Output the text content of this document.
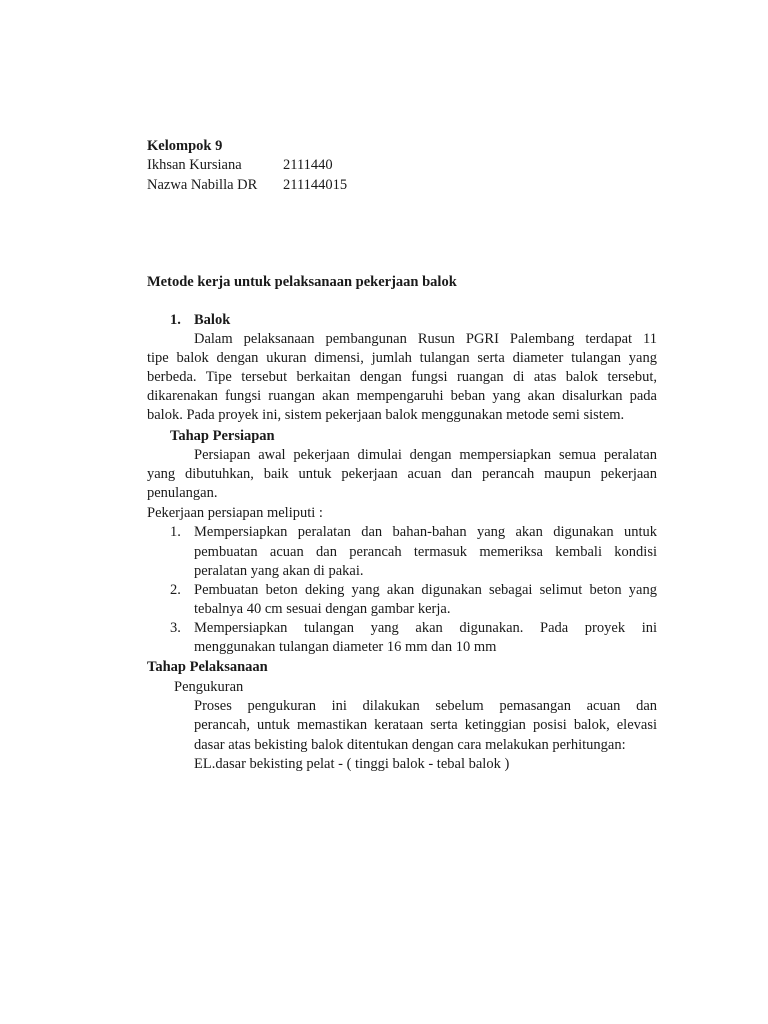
Kelompok 9
Ikhsan Kursiana	2111440
Nazwa Nabilla DR 211144015
Metode kerja untuk pelaksanaan pekerjaan balok
1. Balok
Dalam pelaksanaan pembangunan Rusun PGRI Palembang terdapat 11
tipe balok dengan ukuran dimensi, jumlah tulangan serta diameter tulangan yang
berbeda. Tipe tersebut berkaitan dengan fungsi ruangan di atas balok tersebut,
dikarenakan fungsi ruangan akan mempengaruhi beban yang akan disalurkan pada
balok. Pada proyek ini, sistem pekerjaan balok menggunakan metode semi sistem.
Tahap Persiapan
Persiapan awal pekerjaan dimulai dengan mempersiapkan semua peralatan
yang dibutuhkan, baik untuk pekerjaan acuan dan perancah maupun pekerjaan
penulangan.
Pekerjaan persiapan meliputi :
1. Mempersiapkan peralatan dan bahan-bahan yang akan digunakan untuk
pembuatan acuan dan perancah termasuk memeriksa kembali kondisi
peralatan yang akan di pakai.
2. Pembuatan beton deking yang akan digunakan sebagai selimut beton yang
tebalnya 40 cm sesuai dengan gambar kerja.
3. Mempersiapkan tulangan yang akan digunakan. Pada proyek ini
menggunakan tulangan diameter 16 mm dan 10 mm
Tahap Pelaksanaan
Pengukuran
Proses pengukuran ini dilakukan sebelum pemasangan acuan dan
perancah, untuk memastikan kerataan serta ketinggian posisi balok, elevasi
dasar atas bekisting balok ditentukan dengan cara melakukan perhitungan:
EL.dasar bekisting pelat - ( tinggi balok - tebal balok )
